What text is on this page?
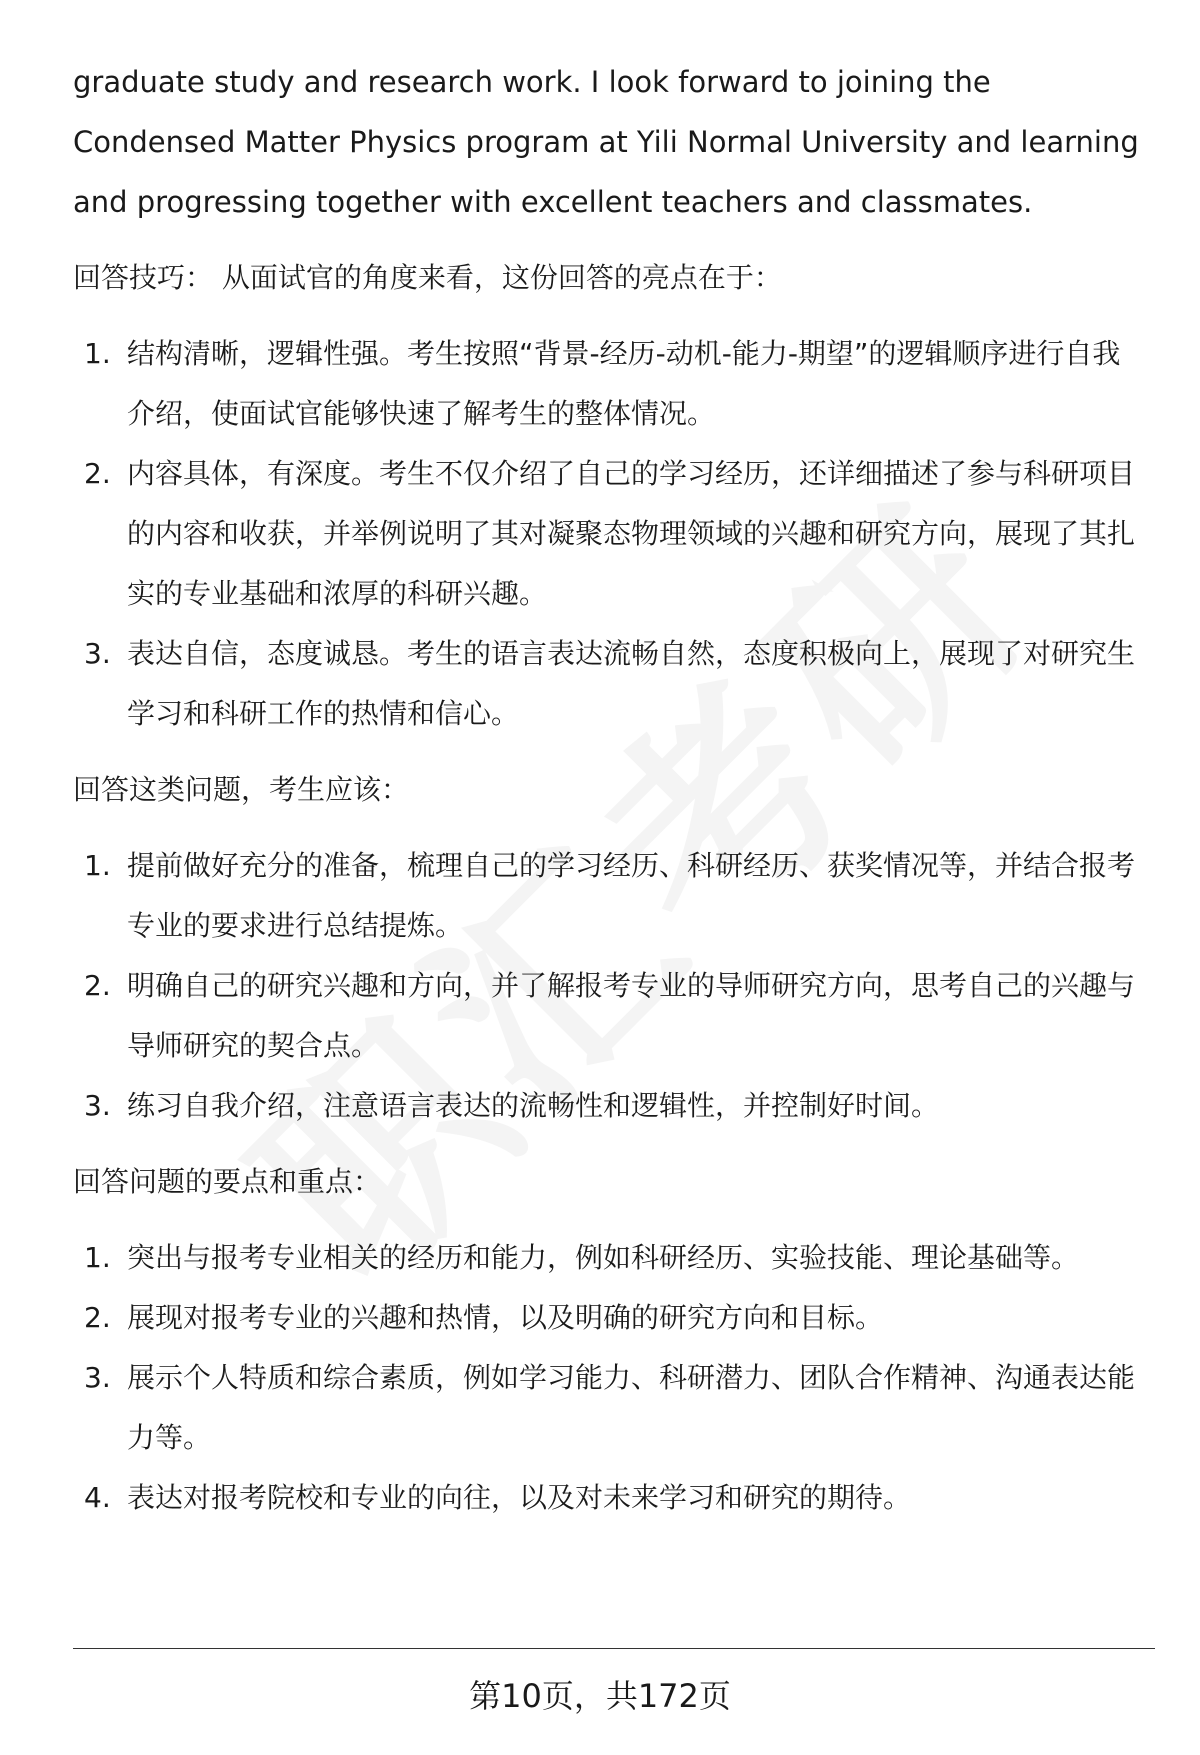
graduate study and research work. I look forward to joining the Condensed Matter Physics program at Yili Normal University and learning and progressing together with excellent teachers and classmates.

回答技巧： 从面试官的角度来看，这份回答的亮点在于：

1. 结构清晰，逻辑性强。考生按照“背景-经历-动机-能力-期望”的逻辑顺序进行自我介绍，使面试官能够快速了解考生的整体情况。
2. 内容具体，有深度。考生不仅介绍了自己的学习经历，还详细描述了参与科研项目的内容和收获，并举例说明了其对凝聚态物理领域的兴趣和研究方向，展现了其扎实的专业基础和浓厚的科研兴趣。
3. 表达自信，态度诚恳。考生的语言表达流畅自然，态度积极向上，展现了对研究生学习和科研工作的热情和信心。

回答这类问题，考生应该：

1. 提前做好充分的准备，梳理自己的学习经历、科研经历、获奖情况等，并结合报考专业的要求进行总结提炼。
2. 明确自己的研究兴趣和方向，并了解报考专业的导师研究方向，思考自己的兴趣与导师研究的契合点。
3. 练习自我介绍，注意语言表达的流畅性和逻辑性，并控制好时间。

回答问题的要点和重点：

1. 突出与报考专业相关的经历和能力，例如科研经历、实验技能、理论基础等。
2. 展现对报考专业的兴趣和热情，以及明确的研究方向和目标。
3. 展示个人特质和综合素质，例如学习能力、科研潜力、团队合作精神、沟通表达能力等。
4. 表达对报考院校和专业的向往，以及对未来学习和研究的期待。
第10页，共172页
